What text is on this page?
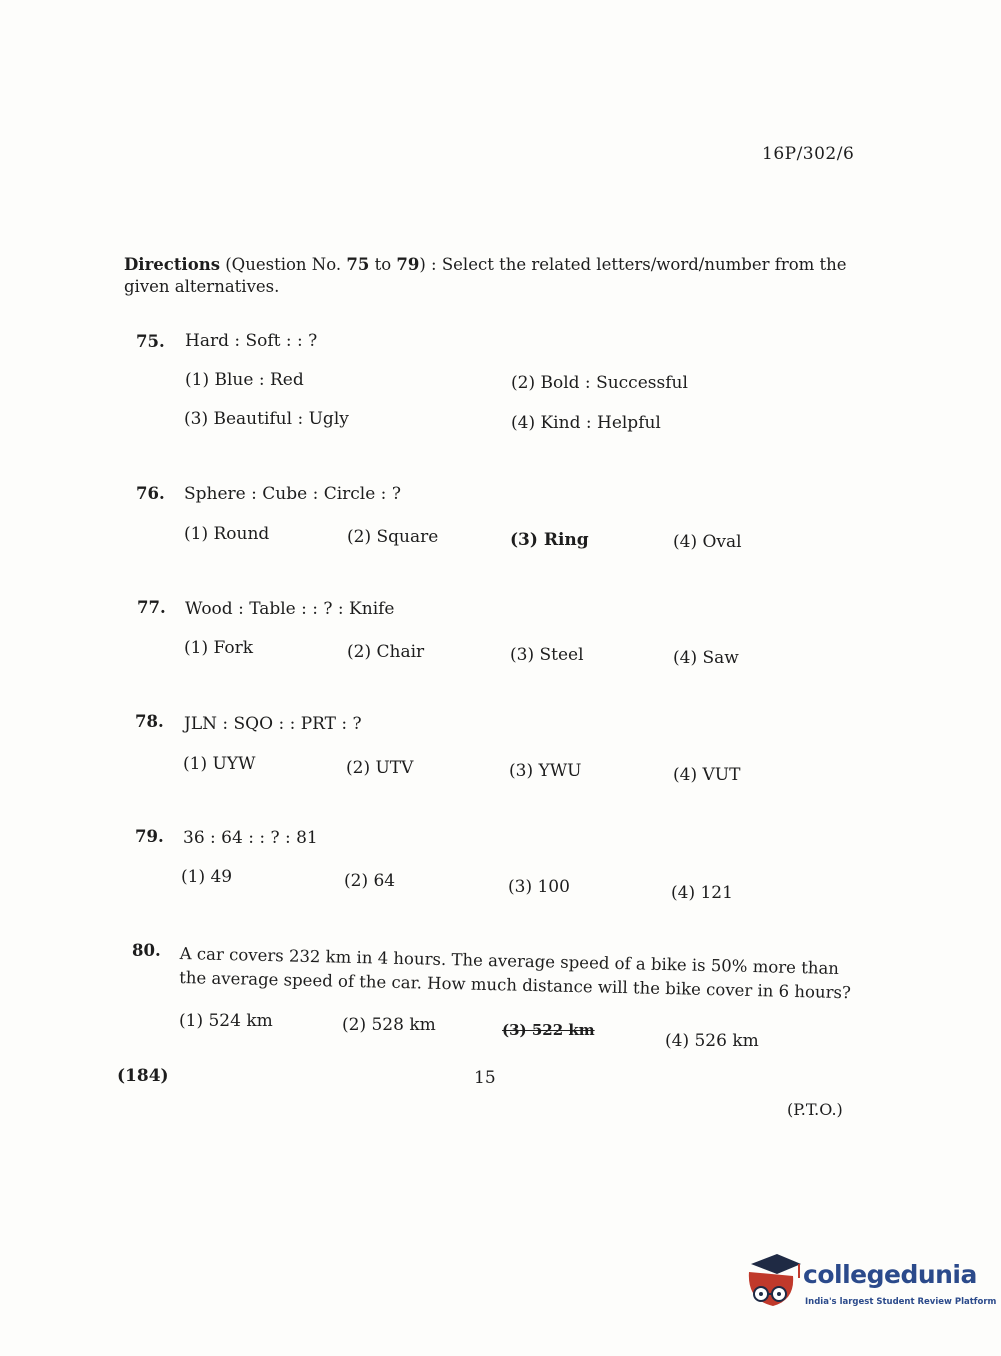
16P/302/6
Directions (Question No. 75 to 79) : Select the related letters/word/number from the given alternatives.
75. Hard : Soft : : ?
(1) Blue : Red	(2) Bold : Successful
(3) Beautiful : Ugly	(4) Kind : Helpful
76. Sphere : Cube : Circle : ?
(1) Round	(2) Square	(3) Ring	(4) Oval
77. Wood : Table : : ? : Knife
(1) Fork	(2) Chair	(3) Steel	(4) Saw
78. JLN : SQO : : PRT : ?
(1) UYW	(2) UTV	(3) YWU	(4) VUT
79. 36 : 64 : : ? : 81
(1) 49	(2) 64	(3) 100	(4) 121
80. A car covers 232 km in 4 hours. The average speed of a bike is 50% more than the average speed of the car. How much distance will the bike cover in 6 hours?
(1) 524 km	(2) 528 km	(3) 522 km
(4) 526 km
(184)	15
(P.T.O.)
collegedunia
India's largest Student Review Platform
